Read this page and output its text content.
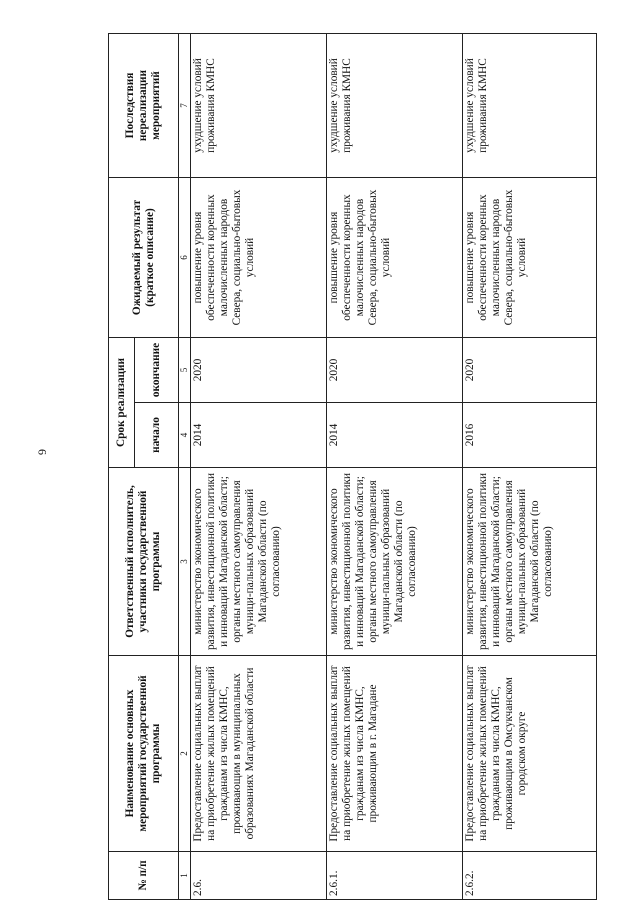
6
№ п/п	Наименование основных мероприятий государственной программы	Ответственный исполнитель, участники государственной программы	Срок реализации		Ожидаемый результат (краткое описание)	Последствия нереализации мероприятий
			начало	окончание		
1	2	3	4	5	6	7
2.6.	Предоставление социальных выплат на приобретение жилых помещений гражданам из числа КМНС, проживающим в муниципальных образованиях Магаданской области	министерство экономического развития, инвестиционной политики и инноваций Магаданской области; органы местного самоуправления муници-пальных образований Магаданской области (по согласованию)	2014	2020	повышение уровня обеспеченности коренных малочисленных народов Севера, социально-бытовых условий	ухудшение условий проживания КМНС
2.6.1.	Предоставление социальных выплат на приобретение жилых помещений гражданам из числа КМНС, проживающим в г. Магадане	министерство экономического развития, инвестиционной политики и инноваций Магаданской области; органы местного самоуправления муници-пальных образований Магаданской области (по согласованию)	2014	2020	повышение уровня обеспеченности коренных малочисленных народов Севера, социально-бытовых условий	ухудшение условий проживания КМНС
2.6.2.	Предоставление социальных выплат на приобретение жилых помещений гражданам из числа КМНС, проживающим в Омсукчанском городском округе	министерство экономического развития, инвестиционной политики и инноваций Магаданской области; органы местного самоуправления муници-пальных образований Магаданской области (по согласованию)	2016	2020	повышение уровня обеспеченности коренных малочисленных народов Севера, социально-бытовых условий	ухудшение условий проживания КМНС
